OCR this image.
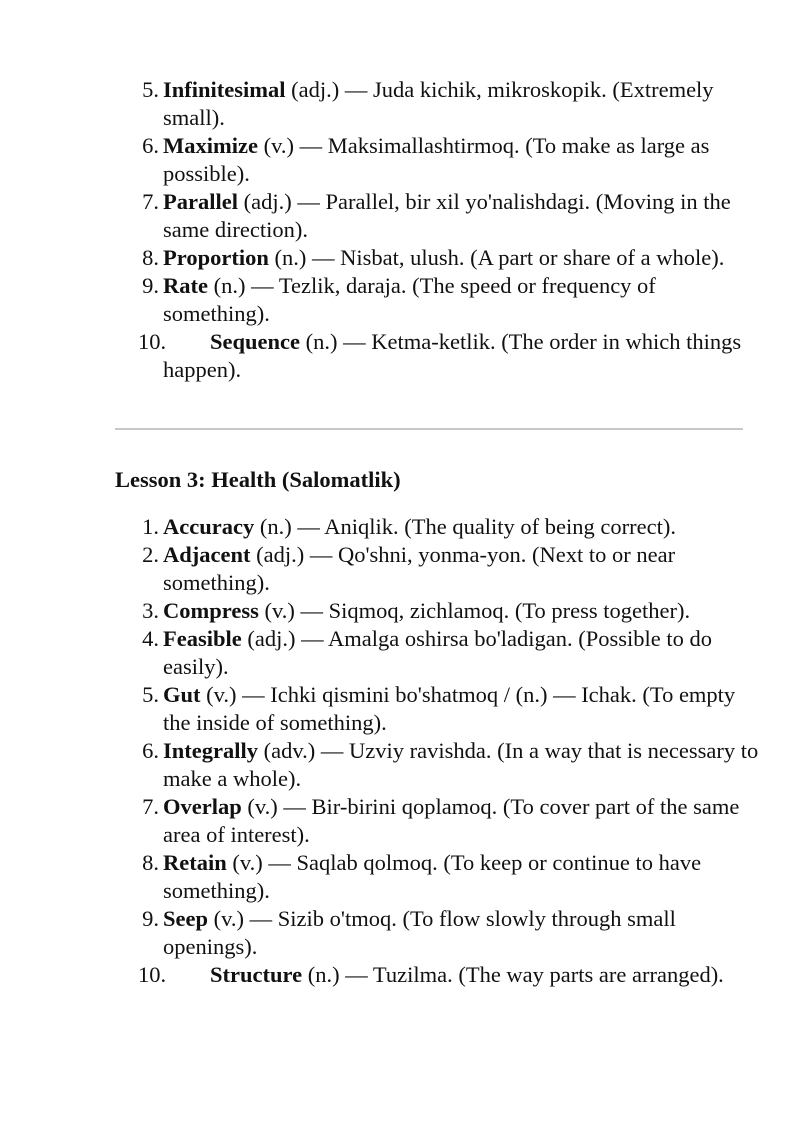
5. Infinitesimal (adj.) — Juda kichik, mikroskopik. (Extremely small).
6. Maximize (v.) — Maksimallashtirmoq. (To make as large as possible).
7. Parallel (adj.) — Parallel, bir xil yo'nalishdagi. (Moving in the same direction).
8. Proportion (n.) — Nisbat, ulush. (A part or share of a whole).
9. Rate (n.) — Tezlik, daraja. (The speed or frequency of something).
10. Sequence (n.) — Ketma-ketlik. (The order in which things happen).
Lesson 3: Health (Salomatlik)
1. Accuracy (n.) — Aniqlik. (The quality of being correct).
2. Adjacent (adj.) — Qo'shni, yonma-yon. (Next to or near something).
3. Compress (v.) — Siqmoq, zichlamoq. (To press together).
4. Feasible (adj.) — Amalga oshirsa bo'ladigan. (Possible to do easily).
5. Gut (v.) — Ichki qismini bo'shatmoq / (n.) — Ichak. (To empty the inside of something).
6. Integrally (adv.) — Uzviy ravishda. (In a way that is necessary to make a whole).
7. Overlap (v.) — Bir-birini qoplamoq. (To cover part of the same area of interest).
8. Retain (v.) — Saqlab qolmoq. (To keep or continue to have something).
9. Seep (v.) — Sizib o'tmoq. (To flow slowly through small openings).
10. Structure (n.) — Tuzilma. (The way parts are arranged).
